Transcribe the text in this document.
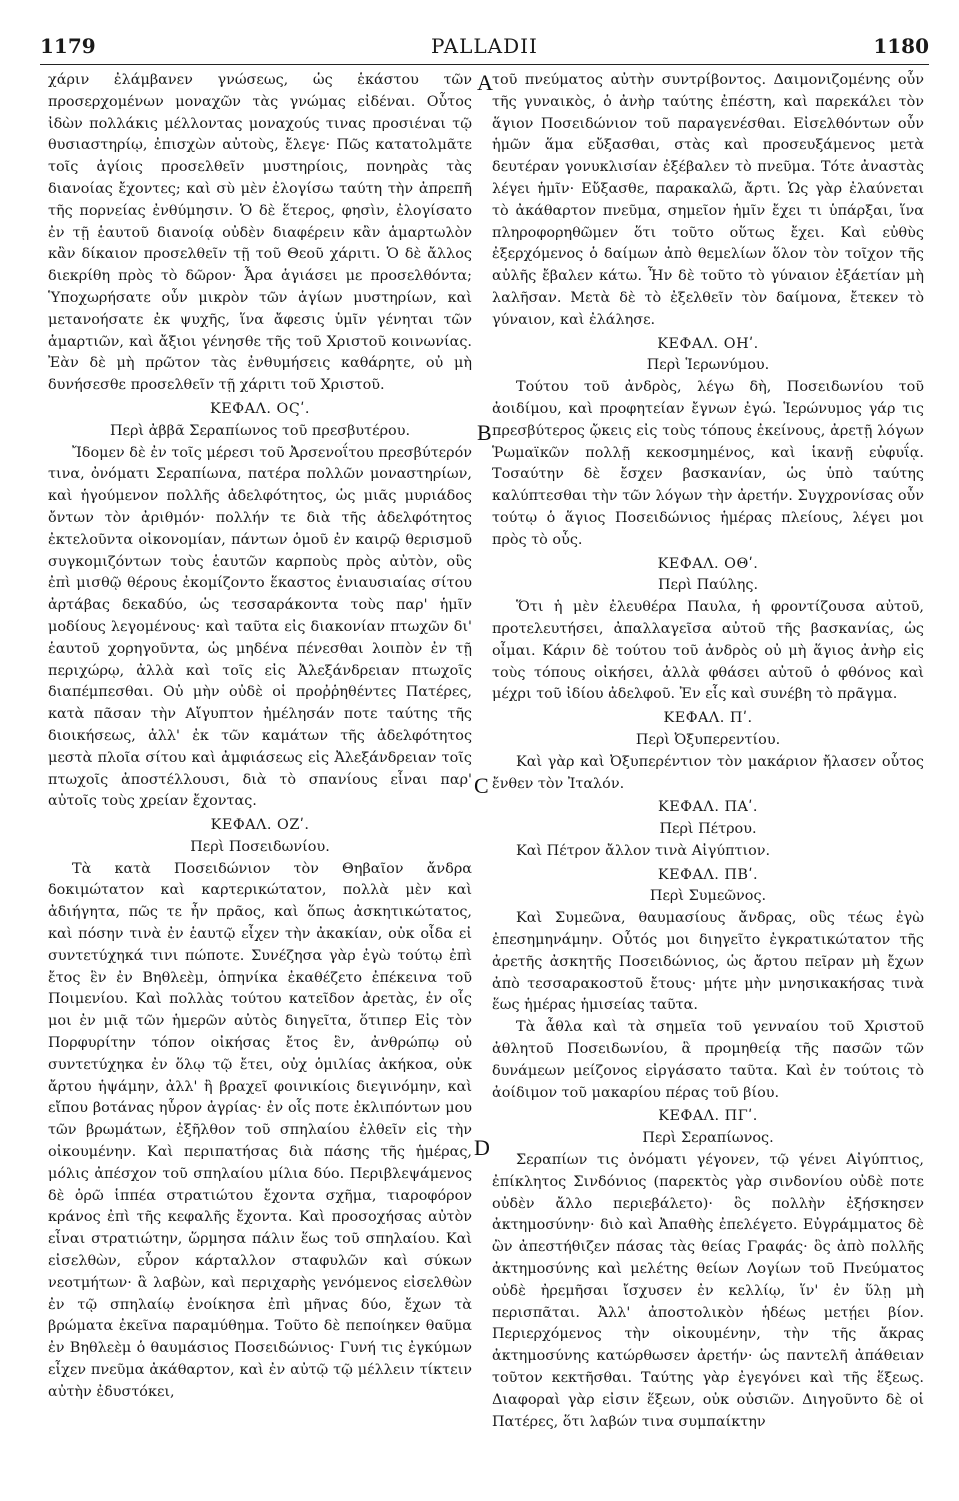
1179	PALLADII	1180

χάριν ἐλάμβανεν γνώσεως, ὡς ἑκάστου τῶν προσερχομένων μοναχῶν τὰς γνώμας εἰδέναι. Οὗτος ἰδὼν πολλάκις μέλλοντας μοναχούς τινας προσιέναι τῷ θυσιαστηρίῳ, ἐπισχὼν αὐτοὺς, ἔλεγε· Πῶς κατατολμᾶτε τοῖς ἁγίοις προσελθεῖν μυστηρίοις, πονηρὰς τὰς διανοίας ἔχοντες; καὶ σὺ μὲν ἐλογίσω ταύτη τὴν ἀπρεπῆ τῆς πορνείας ἐνθύμησιν. Ὁ δὲ ἕτερος, φησὶν, ἐλογίσατο ἐν τῇ ἑαυτοῦ διανοίᾳ οὐδὲν διαφέρειν κἂν ἁμαρτωλὸν κἂν δίκαιον προσελθεῖν τῇ τοῦ Θεοῦ χάριτι. Ὁ δὲ ἄλλος διεκρίθη πρὸς τὸ δῶρον· Ἆρα ἁγιάσει με προσελθόντα; Ὑποχωρήσατε οὖν μικρὸν τῶν ἁγίων μυστηρίων, καὶ μετανοήσατε ἐκ ψυχῆς, ἵνα ἄφεσις ὑμῖν γένηται τῶν ἁμαρτιῶν, καὶ ἄξιοι γένησθε τῆς τοῦ Χριστοῦ κοινωνίας. Ἐὰν δὲ μὴ πρῶτον τὰς ἐνθυμήσεις καθάρητε, οὐ μὴ δυνήσεσθε προσελθεῖν τῇ χάριτι τοῦ Χριστοῦ.

ΚΕΦΑΛ. ΟϚʹ.

Περὶ ἀββᾶ Σεραπίωνος τοῦ πρεσβυτέρου.

Ἴδομεν δὲ ἐν τοῖς μέρεσι τοῦ Ἀρσενοΐτου πρεσβύτερόν τινα, ὀνόματι Σεραπίωνα, πατέρα πολλῶν μοναστηρίων, καὶ ἡγούμενον πολλῆς ἀδελφότητος, ὡς μιᾶς μυριάδος ὄντων τὸν ἀριθμόν· πολλήν τε διὰ τῆς ἀδελφότητος ἐκτελοῦντα οἰκονομίαν, πάντων ὁμοῦ ἐν καιρῷ θερισμοῦ συγκομιζόντων τοὺς ἑαυτῶν καρποὺς πρὸς αὐτὸν, οὓς ἐπὶ μισθῷ θέρους ἐκομίζοντο ἕκαστος ἐνιαυσιαίας σίτου ἀρτάβας δεκαδύο, ὡς τεσσαράκοντα τοὺς παρ' ἡμῖν μοδίους λεγομένους· καὶ ταῦτα εἰς διακονίαν πτωχῶν δι' ἑαυτοῦ χορηγοῦντα, ὡς μηδένα πένεσθαι λοιπὸν ἐν τῇ περιχώρῳ, ἀλλὰ καὶ τοῖς εἰς Ἀλεξάνδρειαν πτωχοῖς διαπέμπεσθαι. Οὐ μὴν οὐδὲ οἱ προῤῥηθέντες Πατέρες, κατὰ πᾶσαν τὴν Αἴγυπτον ἠμέλησάν ποτε ταύτης τῆς διοικήσεως, ἀλλ' ἐκ τῶν καμάτων τῆς ἀδελφότητος μεστὰ πλοῖα σίτου καὶ ἀμφιάσεως εἰς Ἀλεξάνδρειαν τοῖς πτωχοῖς ἀποστέλλουσι, διὰ τὸ σπανίους εἶναι παρ' αὐτοῖς τοὺς χρείαν ἔχοντας.

ΚΕΦΑΛ. ΟΖʹ.

Περὶ Ποσειδωνίου.

Τὰ κατὰ Ποσειδώνιον τὸν Θηβαῖον ἄνδρα δοκιμώτατον καὶ καρτερικώτατον, πολλὰ μὲν καὶ ἀδιήγητα, πῶς τε ἦν πρᾶος, καὶ ὅπως ἀσκητικώτατος, καὶ πόσην τινὰ ἐν ἑαυτῷ εἶχεν τὴν ἀκακίαν, οὐκ οἶδα εἰ συντετύχηκά τινι πώποτε. Συνέζησα γὰρ ἐγὼ τούτῳ ἐπὶ ἔτος ἓν ἐν Βηθλεὲμ, ὁπηνίκα ἐκαθέζετο ἐπέκεινα τοῦ Ποιμενίου. Καὶ πολλὰς τούτου κατεῖδον ἀρετὰς, ἐν οἷς μοι ἐν μιᾷ τῶν ἡμερῶν αὐτὸς διηγεῖτα, ὅτιπερ Εἰς τὸν Πορφυρίτην τόπον οἰκήσας ἔτος ἓν, ἀνθρώπῳ οὐ συντετύχηκα ἐν ὅλῳ τῷ ἔτει, οὐχ ὁμιλίας ἀκήκοα, οὐκ ἄρτου ἡψάμην, ἀλλ' ἢ βραχεῖ φοινικίοις διεγινόμην, καὶ εἴπου βοτάνας ηὗρον ἀγρίας· ἐν οἷς ποτε ἐκλιπόντων μου τῶν βρωμάτων, ἐξῆλθον τοῦ σπηλαίου ἐλθεῖν εἰς τὴν οἰκουμένην. Καὶ περιπατήσας διὰ πάσης τῆς ἡμέρας, μόλις ἀπέσχον τοῦ σπηλαίου μίλια δύο. Περιβλεψάμενος δὲ ὁρῶ ἱππέα στρατιώτου ἔχοντα σχῆμα, τιαροφόρον κράνος ἐπὶ τῆς κεφαλῆς ἔχοντα. Καὶ προσοχήσας αὐτὸν εἶναι στρατιώτην, ὥρμησα πάλιν ἕως τοῦ σπηλαίου. Καὶ εἰσελθὼν, εὗρον κάρταλλον σταφυλῶν καὶ σύκων νεοτμήτων· ἃ λαβὼν, καὶ περιχαρὴς γενόμενος εἰσελθὼν ἐν τῷ σπηλαίῳ ἐνοίκησα ἐπὶ μῆνας δύο, ἔχων τὰ βρώματα ἐκεῖνα παραμύθημα. Τοῦτο δὲ πεποίηκεν θαῦμα ἐν Βηθλεὲμ ὁ θαυμάσιος Ποσειδώνιος· Γυνή τις ἐγκύμων εἶχεν πνεῦμα ἀκάθαρτον, καὶ ἐν αὐτῷ τῷ μέλλειν τίκτειν αὐτὴν ἐδυστόκει,

τοῦ πνεύματος αὐτὴν συντρίβοντος. Δαιμονιζομένης οὖν τῆς γυναικὸς, ὁ ἀνὴρ ταύτης ἐπέστη, καὶ παρεκάλει τὸν ἅγιον Ποσειδώνιον τοῦ παραγενέσθαι. Εἰσελθόντων οὖν ἡμῶν ἅμα εὔξασθαι, στὰς καὶ προσευξάμενος μετὰ δευτέραν γονυκλισίαν ἐξέβαλεν τὸ πνεῦμα. Τότε ἀναστὰς λέγει ἡμῖν· Εὔξασθε, παρακαλῶ, ἄρτι. Ὡς γὰρ ἐλαύνεται τὸ ἀκάθαρτον πνεῦμα, σημεῖον ἡμῖν ἔχει τι ὑπάρξαι, ἵνα πληροφορηθῶμεν ὅτι τοῦτο οὕτως ἔχει. Καὶ εὐθὺς ἐξερχόμενος ὁ δαίμων ἀπὸ θεμελίων ὅλον τὸν τοῖχον τῆς αὐλῆς ἔβαλεν κάτω. Ἦν δὲ τοῦτο τὸ γύναιον ἐξάετίαν μὴ λαλῆσαν. Μετὰ δὲ τὸ ἐξελθεῖν τὸν δαίμονα, ἔτεκεν τὸ γύναιον, καὶ ἐλάλησε.

ΚΕΦΑΛ. ΟΗʹ.

Περὶ Ἱερωνύμου.

Τούτου τοῦ ἀνδρὸς, λέγω δὴ, Ποσειδωνίου τοῦ ἀοιδίμου, καὶ προφητείαν ἔγνων ἐγώ. Ἱερώνυμος γάρ τις πρεσβύτερος ᾤκεις εἰς τοὺς τόπους ἐκείνους, ἀρετῇ λόγων Ῥωμαϊκῶν πολλῇ κεκοσμημένος, καὶ ἱκανῇ εὐφυΐᾳ. Τοσαύτην δὲ ἔσχεν βασκανίαν, ὡς ὑπὸ ταύτης καλύπτεσθαι τὴν τῶν λόγων τὴν ἀρετήν. Συγχρονίσας οὖν τούτῳ ὁ ἅγιος Ποσειδώνιος ἡμέρας πλείους, λέγει μοι πρὸς τὸ οὖς.

ΚΕΦΑΛ. ΟΘʹ.

Περὶ Παύλης.

Ὅτι ἡ μὲν ἐλευθέρα Παυλα, ἡ φροντίζουσα αὐτοῦ, προτελευτήσει, ἀπαλλαγεῖσα αὐτοῦ τῆς βασκανίας, ὡς οἶμαι. Κάριν δὲ τούτου τοῦ ἀνδρὸς οὐ μὴ ἅγιος ἀνὴρ εἰς τοὺς τόπους οἰκήσει, ἀλλὰ φθάσει αὐτοῦ ὁ φθόνος καὶ μέχρι τοῦ ἰδίου ἀδελφοῦ. Ἐν εἷς καὶ συνέβη τὸ πρᾶγμα.

ΚΕΦΑΛ. Πʹ.

Περὶ Ὀξυπερεντίου.

Καὶ γὰρ καὶ Ὀξυπερέντιον τὸν μακάριον ἤλασεν οὗτος ἔνθεν τὸν Ἰταλόν.

ΚΕΦΑΛ. ΠΑʹ.

Περὶ Πέτρου.

Καὶ Πέτρον ἄλλον τινὰ Αἰγύπτιον.

ΚΕΦΑΛ. ΠΒʹ.

Περὶ Συμεῶνος.

Καὶ Συμεῶνα, θαυμασίους ἄνδρας, οὓς τέως ἐγὼ ἐπεσημηνάμην. Οὗτός μοι διηγεῖτο ἐγκρατικώτατον τῆς ἀρετῆς ἀσκητῆς Ποσειδώνιος, ὡς ἄρτου πεῖραν μὴ ἔχων ἀπὸ τεσσαρακοστοῦ ἔτους· μήτε μὴν μνησικακήσας τινὰ ἕως ἡμέρας ἡμισείας ταῦτα.

Τὰ ἆθλα καὶ τὰ σημεῖα τοῦ γενναίου τοῦ Χριστοῦ ἀθλητοῦ Ποσειδωνίου, ἃ προμηθείᾳ τῆς πασῶν τῶν δυνάμεων μείζονος εἰργάσατο ταῦτα. Καὶ ἐν τούτοις τὸ ἀοίδιμον τοῦ μακαρίου πέρας τοῦ βίου.

ΚΕΦΑΛ. ΠΓʹ.

Περὶ Σεραπίωνος.

Σεραπίων τις ὀνόματι γέγονεν, τῷ γένει Αἰγύπτιος, ἐπίκλητος Σινδόνιος (παρεκτὸς γὰρ σινδονίου οὐδὲ ποτε οὐδὲν ἄλλο περιεβάλετο)· ὃς πολλὴν ἐξήσκησεν ἀκτημοσύνην· διὸ καὶ Ἀπαθὴς ἐπελέγετο. Εὐγράμματος δὲ ὢν ἀπεστήθιζεν πάσας τὰς θείας Γραφάς· ὃς ἀπὸ πολλῆς ἀκτημοσύνης καὶ μελέτης θείων Λογίων τοῦ Πνεύματος οὐδὲ ἠρεμῆσαι ἴσχυσεν ἐν κελλίῳ, ἵν' ἐν ὕλῃ μὴ περισπᾶται. Ἀλλ' ἀποστολικὸν ἡδέως μετῄει βίον. Περιερχόμενος τὴν οἰκουμένην, τὴν τῆς ἄκρας ἀκτημοσύνης κατώρθωσεν ἀρετήν· ὡς παντελῆ ἀπάθειαν τοῦτον κεκτῆσθαι. Ταύτης γὰρ ἐγεγόνει καὶ τῆς ἕξεως. Διαφοραὶ γὰρ εἰσιν ἕξεων, οὐκ οὐσιῶν. Διηγοῦντο δὲ οἱ Πατέρες, ὅτι λαβών τινα συμπαίκτην

A
B
C
D
